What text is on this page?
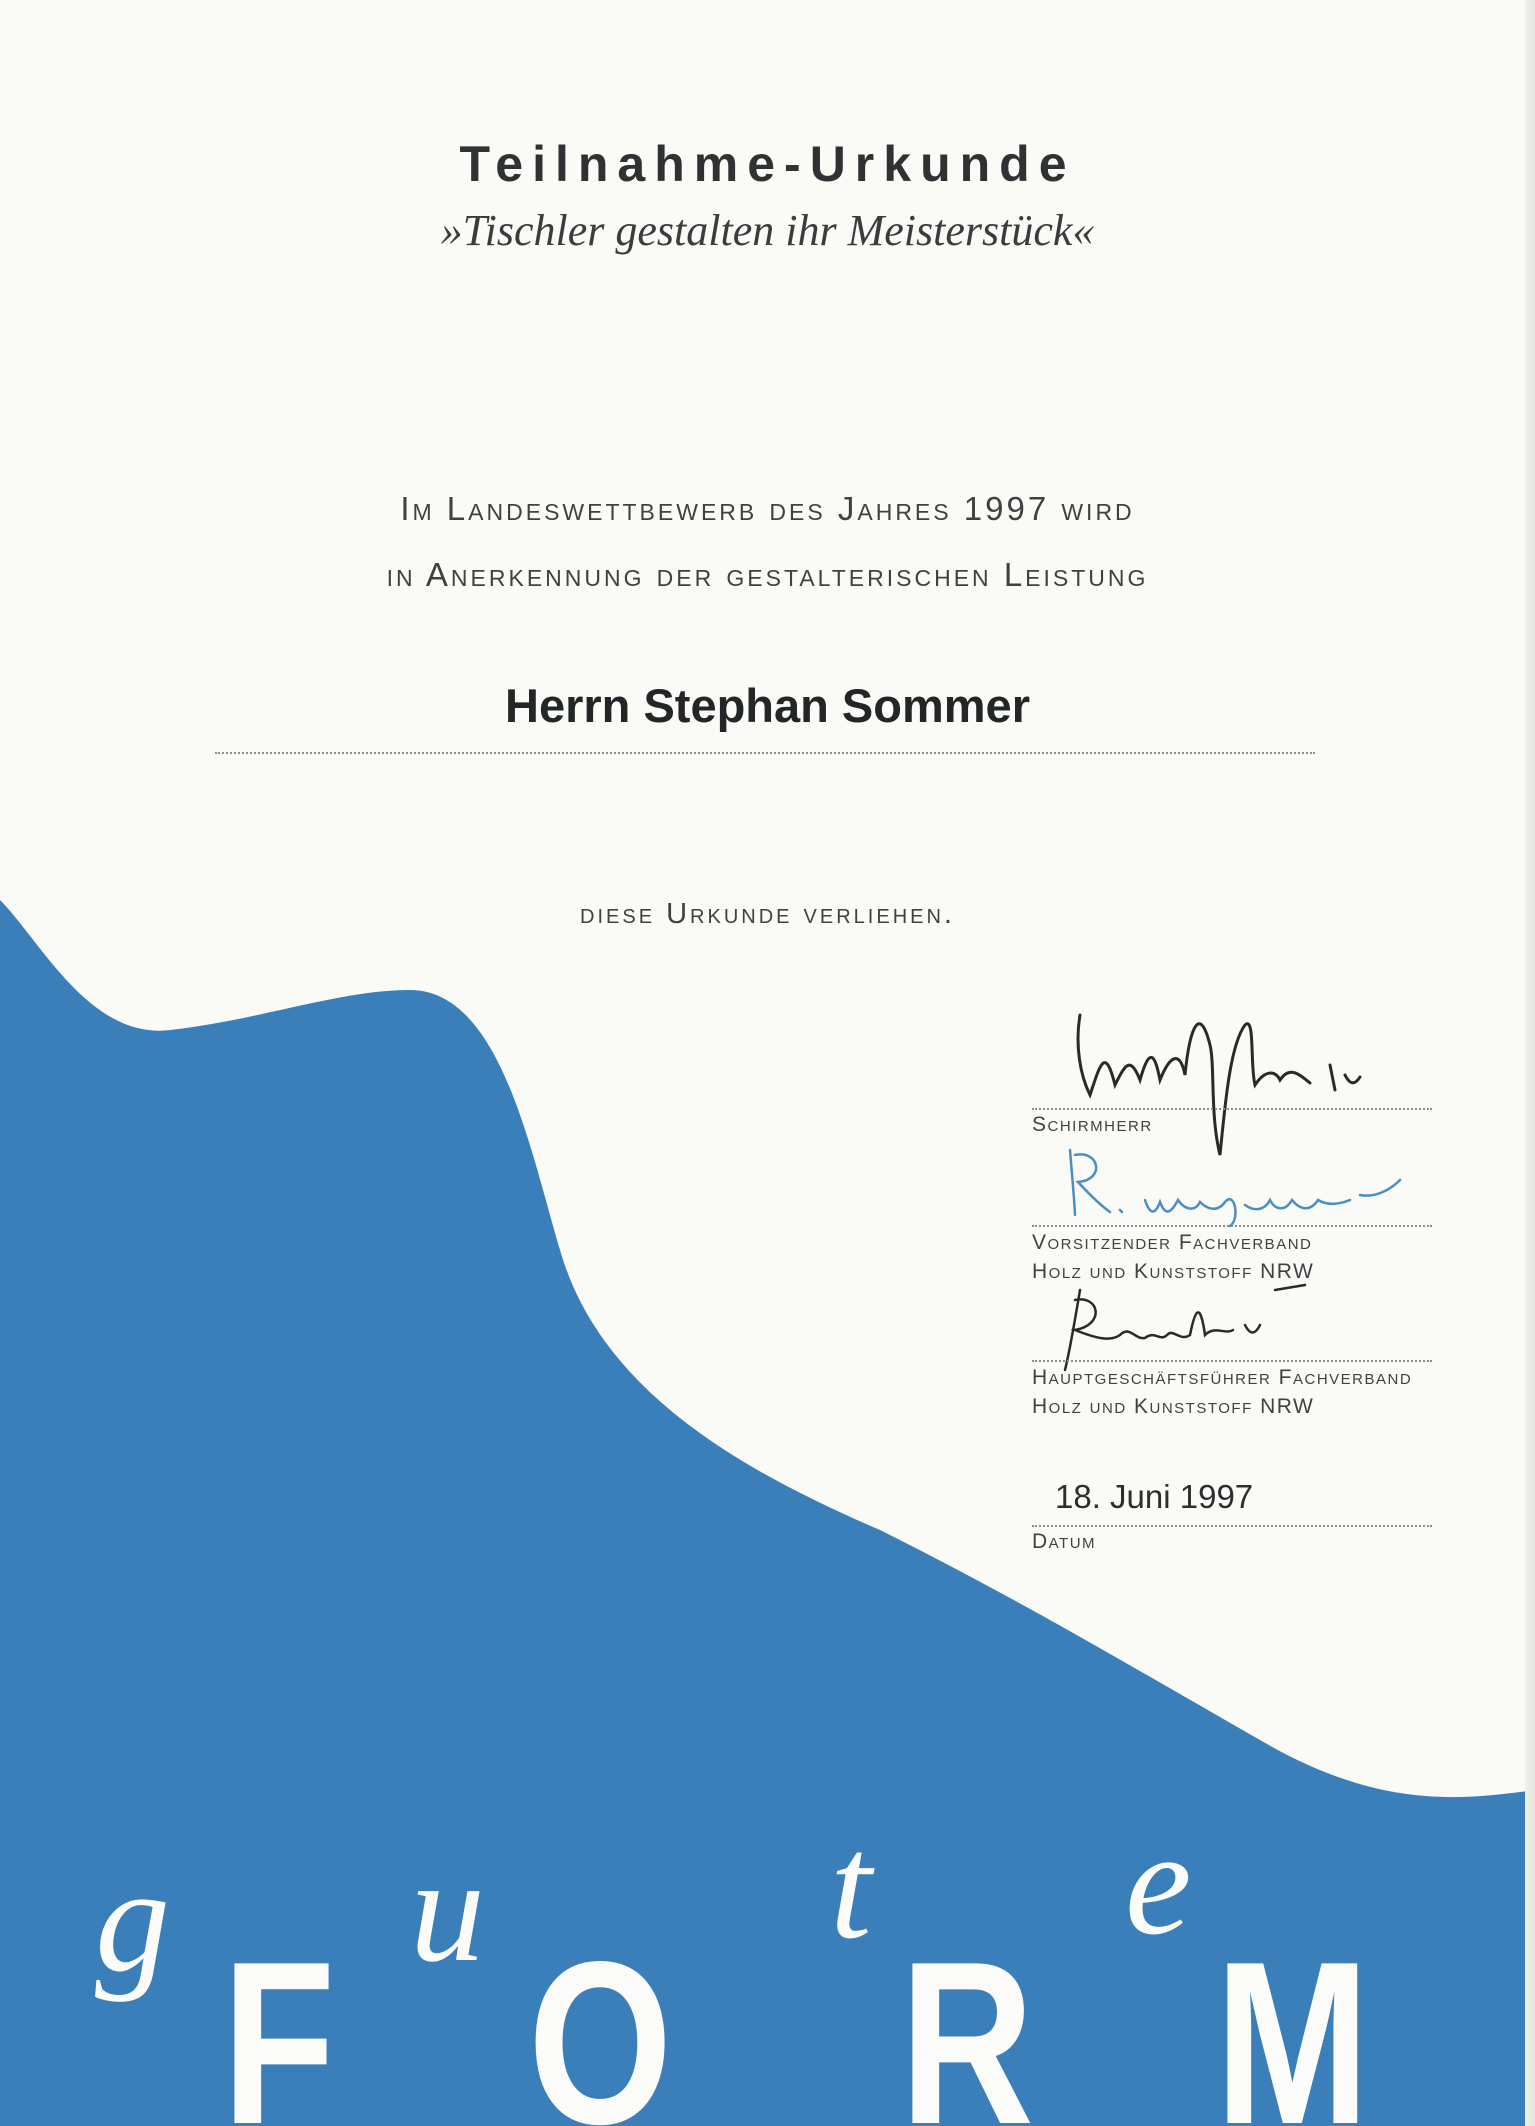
Teilnahme-Urkunde
»Tischler gestalten ihr Meisterstück«
Im Landeswettbewerb des Jahres 1997 wird
in Anerkennung der gestalterischen Leistung
Herrn Stephan Sommer
diese Urkunde verliehen.
Schirmherr
Vorsitzender Fachverband
Holz und Kunststoff NRW
Hauptgeschäftsführer Fachverband
Holz und Kunststoff NRW
18. Juni 1997
Datum
g u t e
F O R M
